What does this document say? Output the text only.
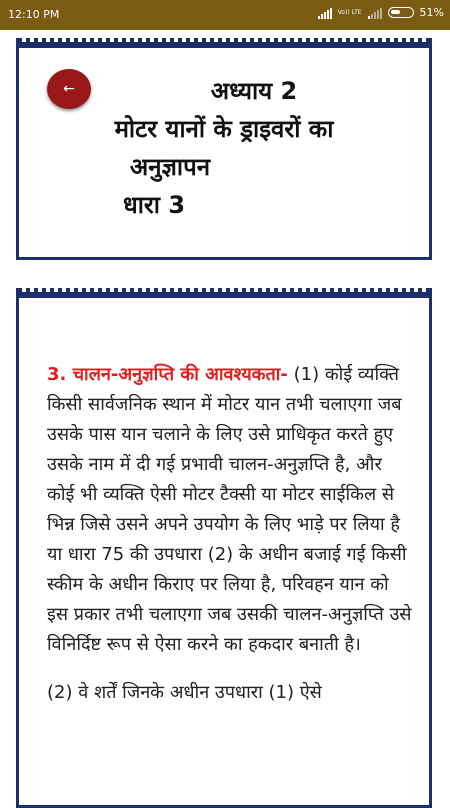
12:10 PM	Vo)) LTE	51%
←	अध्याय 2
मोटर यानों के ड्राइवरों का
अनुज्ञापन
धारा 3

3. चालन-अनुज्ञप्ति की आवश्यकता- (1) कोई व्यक्ति किसी सार्वजनिक स्थान में मोटर यान तभी चलाएगा जब उसके पास यान चलाने के लिए उसे प्राधिकृत करते हुए उसके नाम में दी गई प्रभावी चालन-अनुज्ञप्ति है, और कोई भी व्यक्ति ऐसी मोटर टैक्सी या मोटर साईकिल से भिन्न जिसे उसने अपने उपयोग के लिए भाड़े पर लिया है या धारा 75 की उपधारा (2) के अधीन बजाई गई किसी स्कीम के अधीन किराए पर लिया है, परिवहन यान को इस प्रकार तभी चलाएगा जब उसकी चालन-अनुज्ञप्ति उसे विनिर्दिष्ट रूप से ऐसा करने का हकदार बनाती है।

(2) वे शर्तें जिनके अधीन उपधारा (1) ऐसे
